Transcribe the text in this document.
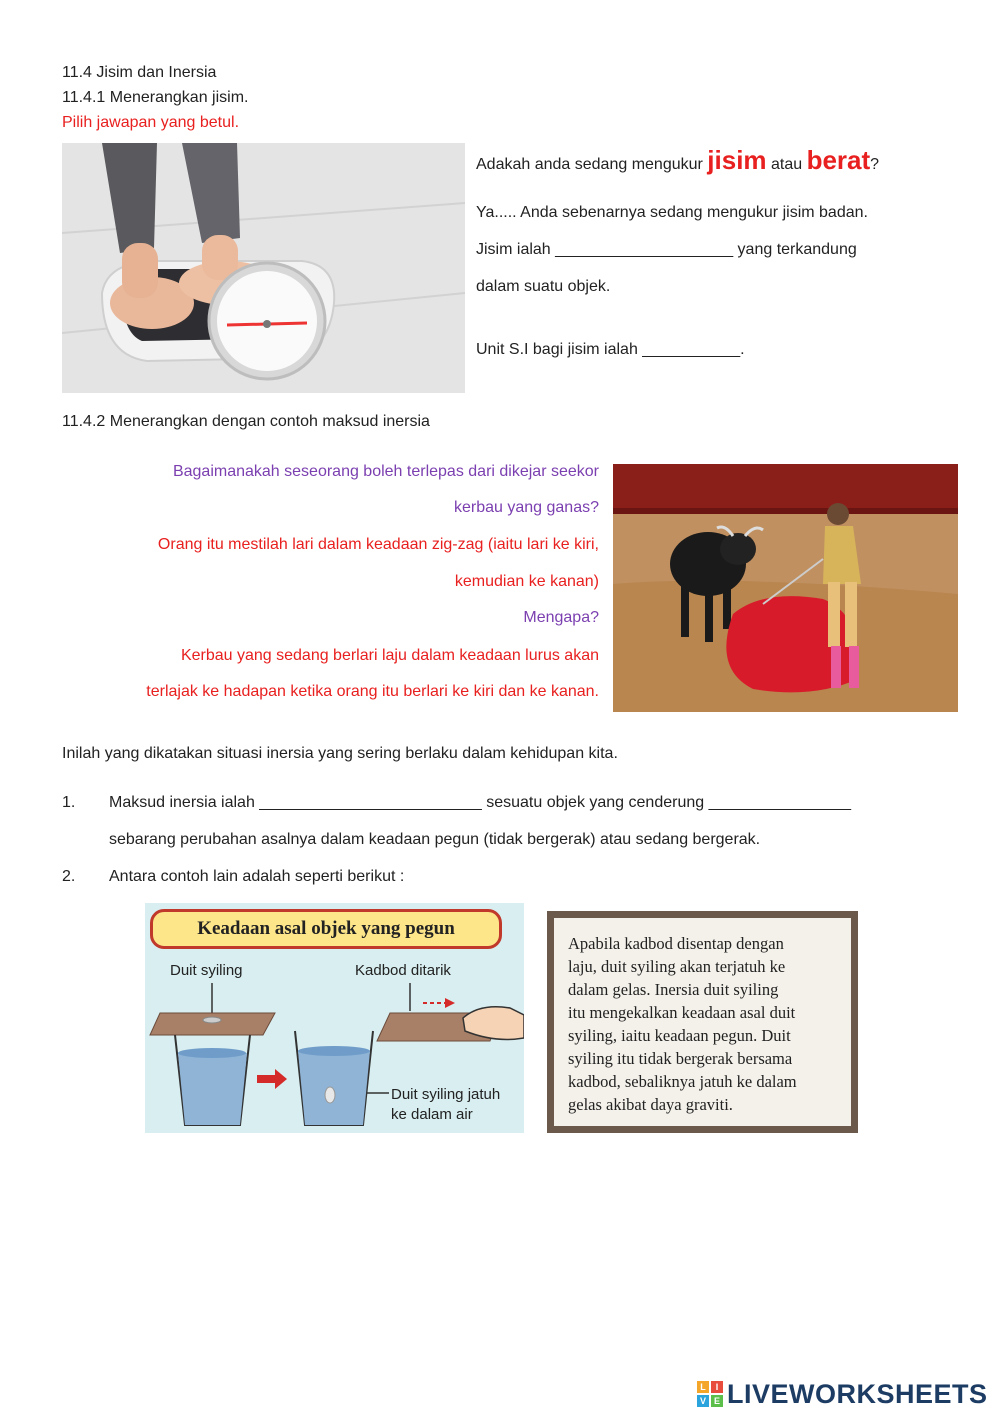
11.4 Jisim dan Inersia
11.4.1 Menerangkan jisim.
Pilih jawapan yang betul.
Adakah anda sedang mengukur jisim atau berat?
Ya..... Anda sebenarnya sedang mengukur jisim badan.
Jisim ialah ____________________ yang terkandung
dalam suatu objek.
Unit S.I bagi jisim ialah ___________.
11.4.2 Menerangkan dengan contoh maksud inersia
Bagaimanakah seseorang boleh terlepas dari dikejar seekor
kerbau yang ganas?
Orang itu mestilah lari dalam keadaan zig-zag (iaitu lari ke kiri,
kemudian ke kanan)
Mengapa?
Kerbau yang sedang berlari laju dalam keadaan lurus akan
terlajak ke hadapan ketika orang itu berlari ke kiri dan ke kanan.
Inilah yang dikatakan situasi inersia yang sering berlaku dalam kehidupan kita.
1. Maksud inersia ialah _________________________ sesuatu objek yang cenderung ________________
sebarang perubahan asalnya dalam keadaan pegun (tidak bergerak) atau sedang bergerak.
2. Antara contoh lain adalah seperti berikut :
Keadaan asal objek yang pegun
Duit syiling	Kadbod ditarik
Duit syiling jatuh
ke dalam air
Apabila kadbod disentap dengan
laju, duit syiling akan terjatuh ke
dalam gelas. Inersia duit syiling
itu mengekalkan keadaan asal duit
syiling, iaitu keadaan pegun. Duit
syiling itu tidak bergerak bersama
kadbod, sebaliknya jatuh ke dalam
gelas akibat daya graviti.
L	I
V E LIVEWORKSHEETS
